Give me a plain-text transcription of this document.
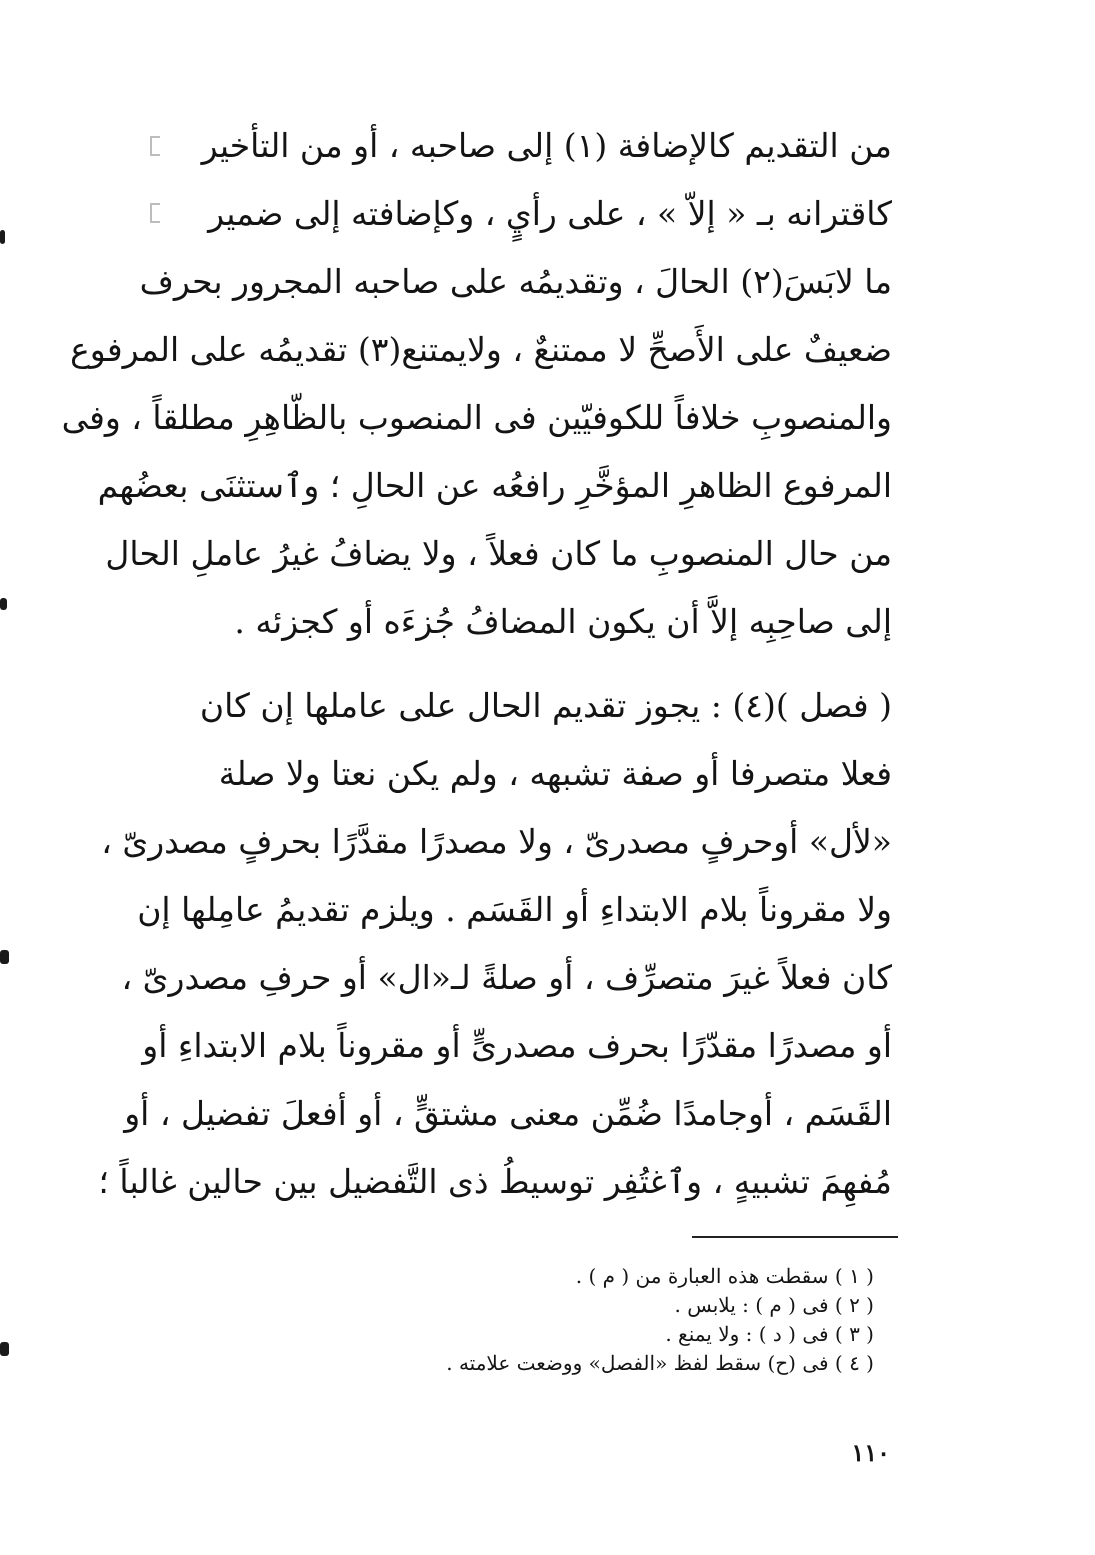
من التقديم كالإضافة (١) إلى صاحبه ، أو من التأخير
كاقترانه بـ « إلاّ » ، على رأيٍ ، وكإضافته إلى ضمير
ما لابَسَ(٢) الحالَ ، وتقديمُه على صاحبه المجرور بحرف
ضعيفٌ على الأَصحِّ لا ممتنعٌ ، ولايمتنع(٣) تقديمُه على المرفوع
والمنصوبِ خلافاً للكوفيّين فى المنصوب بالظّاهِرِ مطلقاً ، وفى
المرفوع الظاهرِ المؤخَّرِ رافعُه عن الحالِ ؛ وٱستثنَى بعضُهم
من حال المنصوبِ ما كان فعلاً ، ولا يضافُ غيرُ عاملِ الحال
إلى صاحِبِه إلاَّ أن يكون المضافُ جُزءَه أو كجزئه .
( فصل )(٤) : يجوز تقديم الحال على عاملها إن كان
فعلا متصرفا أو صفة تشبهه ، ولم يكن نعتا ولا صلة
«لأل» أوحرفٍ مصدرىّ ، ولا مصدرًا مقدَّرًا بحرفٍ مصدرىّ ،
ولا مقروناً بلام الابتداءِ أو القَسَم . ويلزم تقديمُ عامِلها إن
كان فعلاً غيرَ متصرِّف ، أو صلةً لـ«ال» أو حرفِ مصدرىّ ،
أو مصدرًا مقدّرًا بحرف مصدرىٍّ أو مقروناً بلام الابتداءِ أو
القَسَم ، أوجامدًا ضُمِّن معنى مشتقٍّ ، أو أفعلَ تفضيل ، أو
مُفهِمَ تشبيهٍ ، وٱغتُفِر توسيطُ ذى التَّفضيل بين حالين غالباً ؛
( ١ ) سقطت هذه العبارة من ( م ) .
( ٢ ) فى ( م ) : يلابس .
( ٣ ) فى ( د ) : ولا يمنع .
( ٤ ) فى (ح) سقط لفظ «الفصل» ووضعت علامته .
١١٠
